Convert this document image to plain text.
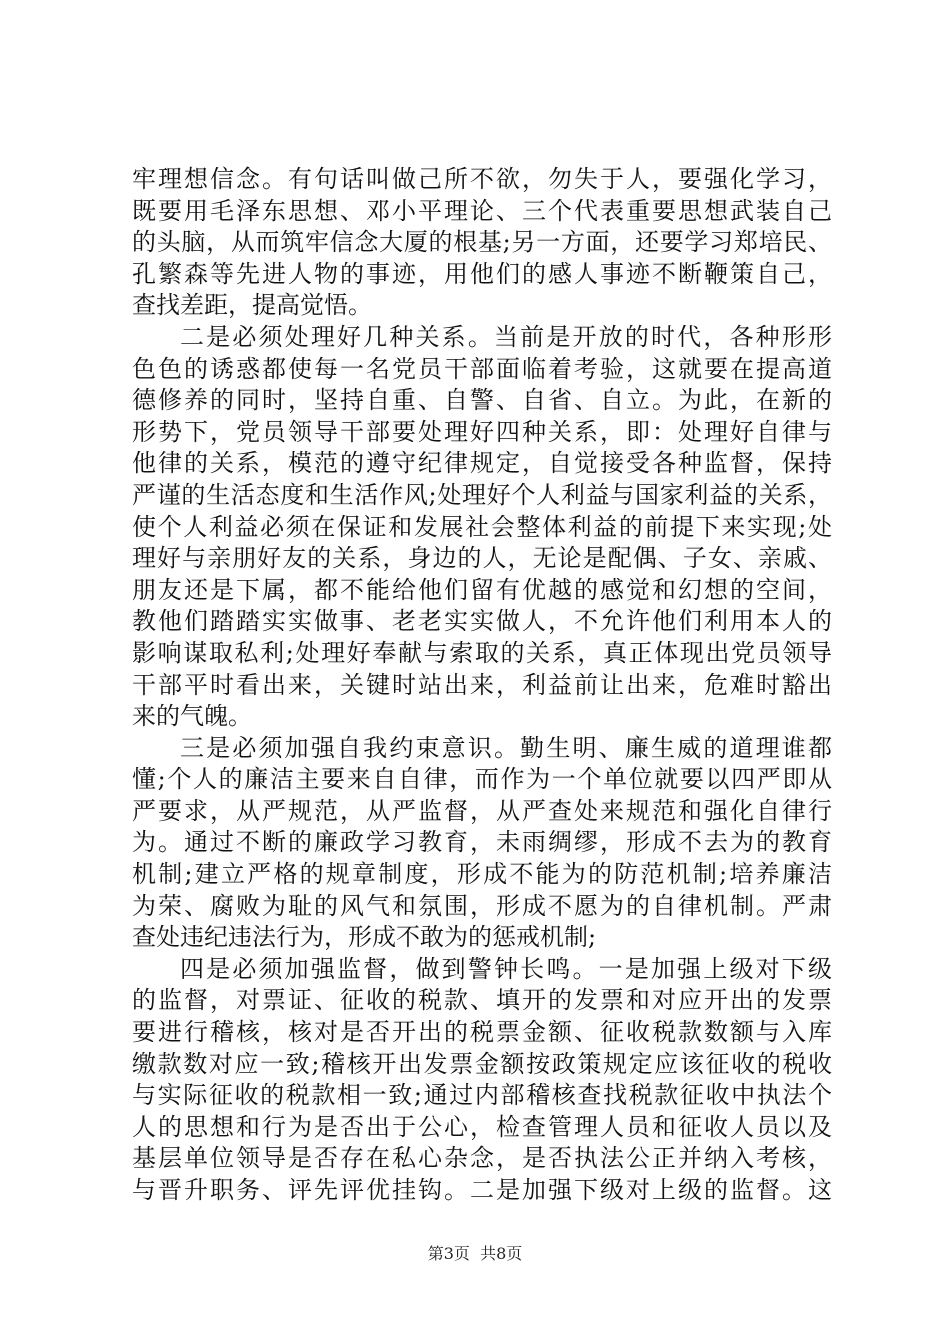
牢理想信念。有句话叫做己所不欲，勿失于人，要强化学习，
既要用毛泽东思想、邓小平理论、三个代表重要思想武装自己
的头脑，从而筑牢信念大厦的根基;另一方面，还要学习郑培民、
孔繁森等先进人物的事迹，用他们的感人事迹不断鞭策自己，
查找差距，提高觉悟。
二是必须处理好几种关系。当前是开放的时代，各种形形
色色的诱惑都使每一名党员干部面临着考验，这就要在提高道
德修养的同时，坚持自重、自警、自省、自立。为此，在新的
形势下，党员领导干部要处理好四种关系，即：处理好自律与
他律的关系，模范的遵守纪律规定，自觉接受各种监督，保持
严谨的生活态度和生活作风;处理好个人利益与国家利益的关系，
使个人利益必须在保证和发展社会整体利益的前提下来实现;处
理好与亲朋好友的关系，身边的人，无论是配偶、子女、亲戚、
朋友还是下属，都不能给他们留有优越的感觉和幻想的空间，
教他们踏踏实实做事、老老实实做人，不允许他们利用本人的
影响谋取私利;处理好奉献与索取的关系，真正体现出党员领导
干部平时看出来，关键时站出来，利益前让出来，危难时豁出
来的气魄。
三是必须加强自我约束意识。勤生明、廉生威的道理谁都
懂;个人的廉洁主要来自自律，而作为一个单位就要以四严即从
严要求，从严规范，从严监督，从严查处来规范和强化自律行
为。通过不断的廉政学习教育，未雨绸缪，形成不去为的教育
机制;建立严格的规章制度，形成不能为的防范机制;培养廉洁
为荣、腐败为耻的风气和氛围，形成不愿为的自律机制。严肃
查处违纪违法行为，形成不敢为的惩戒机制;
四是必须加强监督，做到警钟长鸣。一是加强上级对下级
的监督，对票证、征收的税款、填开的发票和对应开出的发票
要进行稽核，核对是否开出的税票金额、征收税款数额与入库
缴款数对应一致;稽核开出发票金额按政策规定应该征收的税收
与实际征收的税款相一致;通过内部稽核查找税款征收中执法个
人的思想和行为是否出于公心，检查管理人员和征收人员以及
基层单位领导是否存在私心杂念，是否执法公正并纳入考核，
与晋升职务、评先评优挂钩。二是加强下级对上级的监督。这
第3页  共8页
